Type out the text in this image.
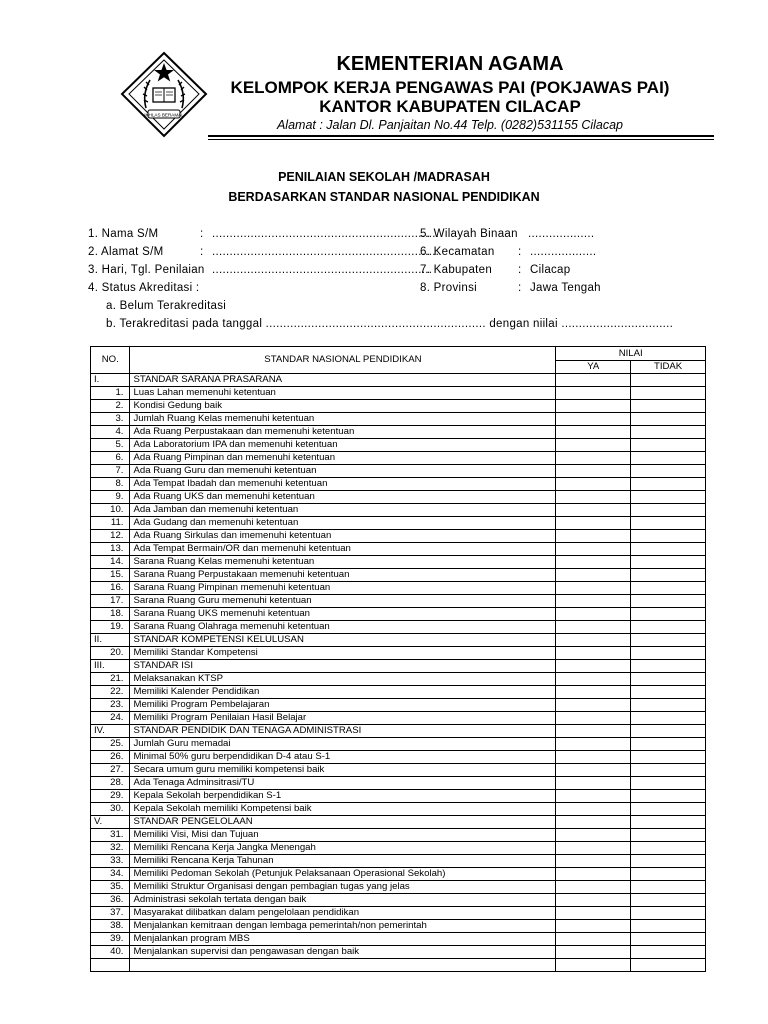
IKHLAS BERAMAL
KEMENTERIAN AGAMA
KELOMPOK KERJA PENGAWAS PAI (POKJAWAS PAI)
KANTOR KABUPATEN CILACAP
Alamat : Jalan Dl. Panjaitan No.44 Telp. (0282)531155 Cilacap
PENILAIAN SEKOLAH /MADRASAH
BERDASARKAN STANDAR NASIONAL PENDIDIKAN
1. Nama S/M	: .................................................................
2. Alamat S/M	: .................................................................
3. Hari, Tgl. Penilaian ...............................................................
4. Status Akreditasi :
5. Wilayah Binaan ...................
6. Kecamatan : ...................
7. Kabupaten : Cilacap
8. Provinsi	: Jawa Tengah
a. Belum Terakreditasi
b. Terakreditasi pada tanggal ............................................................... dengan niilai ................................
NO.	STANDAR NASIONAL PENDIDIKAN	NILAI	
		YA	TIDAK
I.	STANDAR SARANA PRASARANA		
1.	Luas Lahan memenuhi ketentuan		
2.	Kondisi Gedung baik		
3.	Jumlah Ruang Kelas memenuhi ketentuan		
4.	Ada Ruang Perpustakaan dan memenuhi ketentuan		
5.	Ada Laboratorium IPA dan memenuhi ketentuan		
6.	Ada Ruang Pimpinan dan memenuhi ketentuan		
7.	Ada Ruang Guru dan memenuhi ketentuan		
8.	Ada Tempat Ibadah dan memenuhi ketentuan		
9.	Ada Ruang UKS dan memenuhi ketentuan		
10.	Ada Jamban dan memenuhi ketentuan		
11.	Ada Gudang dan memenuhi ketentuan		
12.	Ada Ruang Sirkulas dan imemenuhi ketentuan		
13.	Ada Tempat Bermain/OR dan memenuhi ketentuan		
14.	Sarana Ruang Kelas memenuhi ketentuan		
15.	Sarana Ruang Perpustakaan memenuhi ketentuan		
16.	Sarana Ruang Pimpinan memenuhi ketentuan		
17.	Sarana Ruang Guru memenuhi ketentuan		
18.	Sarana Ruang UKS memenuhi ketentuan		
19.	Sarana Ruang Olahraga memenuhi ketentuan		
II.	STANDAR KOMPETENSI KELULUSAN		
20.	Memiliki Standar Kompetensi		
III.	STANDAR ISI		
21.	Melaksanakan KTSP		
22.	Memiliki Kalender Pendidikan		
23.	Memiliki Program Pembelajaran		
24.	Memiliki Program Penilaian Hasil Belajar		
IV.	STANDAR PENDIDIK DAN TENAGA ADMINISTRASI		
25.	Jumlah Guru memadai		
26.	Minimal 50% guru berpendidikan D-4 atau S-1		
27.	Secara umum guru memiliki kompetensi baik		
28.	Ada Tenaga Adminsitrasi/TU		
29.	Kepala Sekolah berpendidikan S-1		
30.	Kepala Sekolah memiliki Kompetensi baik		
V.	STANDAR PENGELOLAAN		
31.	Memiliki Visi, Misi dan Tujuan		
32.	Memiliki Rencana Kerja Jangka Menengah		
33.	Memiliki Rencana Kerja Tahunan		
34.	Memiliki Pedoman Sekolah (Petunjuk Pelaksanaan Operasional Sekolah)		
35.	Memiliki Struktur Organisasi dengan pembagian tugas yang jelas		
36.	Administrasi sekolah tertata dengan baik		
37.	Masyarakat dilibatkan dalam pengelolaan pendidikan		
38.	Menjalankan kemitraan dengan lembaga pemerintah/non pemerintah		
39.	Menjalankan program MBS		
40.	Menjalankan supervisi dan pengawasan dengan baik		
